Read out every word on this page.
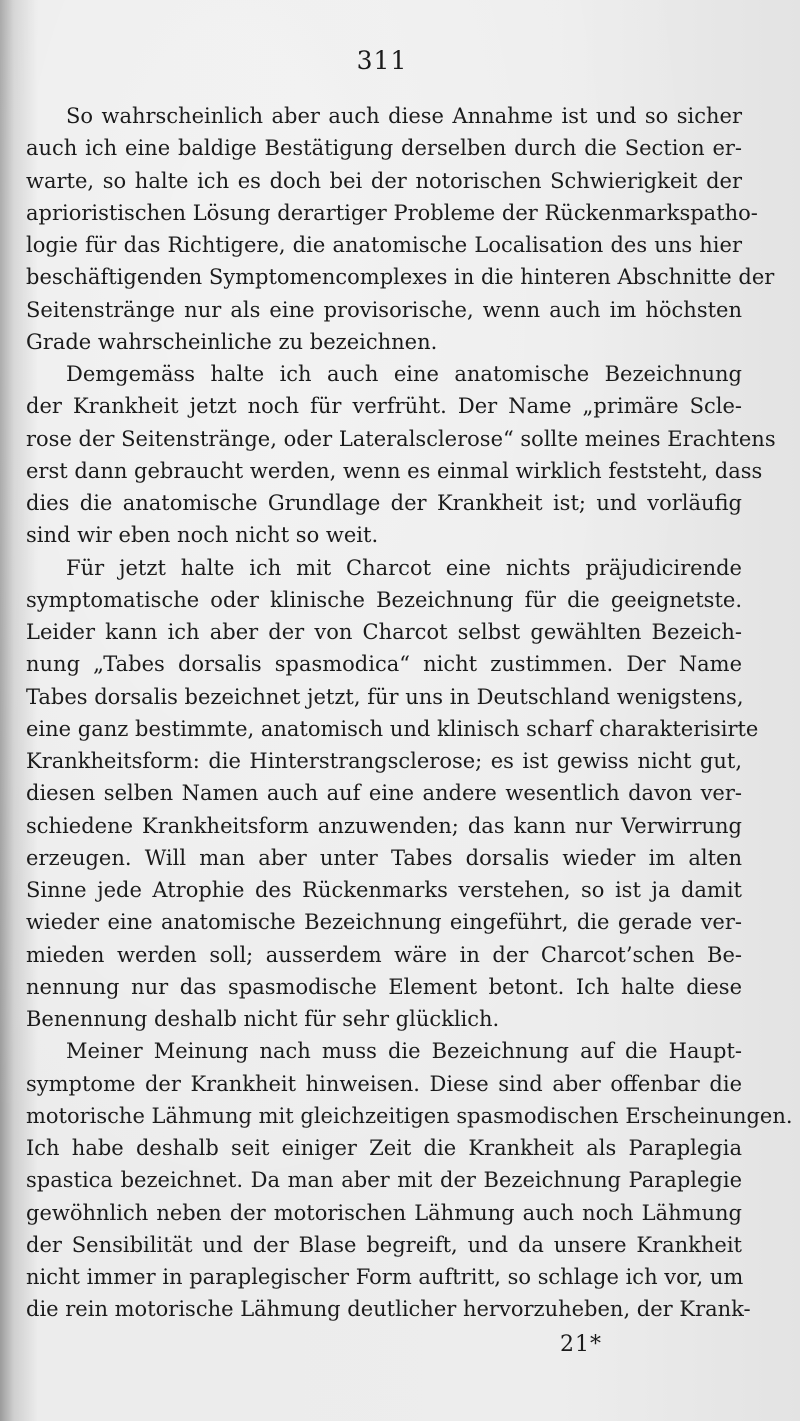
311
So wahrscheinlich aber auch diese Annahme ist und so sicher
auch ich eine baldige Bestätigung derselben durch die Section er-
warte, so halte ich es doch bei der notorischen Schwierigkeit der
aprioristischen Lösung derartiger Probleme der Rückenmarkspatho-
logie für das Richtigere, die anatomische Localisation des uns hier
beschäftigenden Symptomencomplexes in die hinteren Abschnitte der
Seitenstränge nur als eine provisorische, wenn auch im höchsten
Grade wahrscheinliche zu bezeichnen.
Demgemäss halte ich auch eine anatomische Bezeichnung
der Krankheit jetzt noch für verfrüht. Der Name „primäre Scle-
rose der Seitenstränge, oder Lateralsclerose“ sollte meines Erachtens
erst dann gebraucht werden, wenn es einmal wirklich feststeht, dass
dies die anatomische Grundlage der Krankheit ist; und vorläufig
sind wir eben noch nicht so weit.
Für jetzt halte ich mit Charcot eine nichts präjudicirende
symptomatische oder klinische Bezeichnung für die geeignetste.
Leider kann ich aber der von Charcot selbst gewählten Bezeich-
nung „Tabes dorsalis spasmodica“ nicht zustimmen. Der Name
Tabes dorsalis bezeichnet jetzt, für uns in Deutschland wenigstens,
eine ganz bestimmte, anatomisch und klinisch scharf charakterisirte
Krankheitsform: die Hinterstrangsclerose; es ist gewiss nicht gut,
diesen selben Namen auch auf eine andere wesentlich davon ver-
schiedene Krankheitsform anzuwenden; das kann nur Verwirrung
erzeugen. Will man aber unter Tabes dorsalis wieder im alten
Sinne jede Atrophie des Rückenmarks verstehen, so ist ja damit
wieder eine anatomische Bezeichnung eingeführt, die gerade ver-
mieden werden soll; ausserdem wäre in der Charcot’schen Be-
nennung nur das spasmodische Element betont. Ich halte diese
Benennung deshalb nicht für sehr glücklich.
Meiner Meinung nach muss die Bezeichnung auf die Haupt-
symptome der Krankheit hinweisen. Diese sind aber offenbar die
motorische Lähmung mit gleichzeitigen spasmodischen Erscheinungen.
Ich habe deshalb seit einiger Zeit die Krankheit als Paraplegia
spastica bezeichnet. Da man aber mit der Bezeichnung Paraplegie
gewöhnlich neben der motorischen Lähmung auch noch Lähmung
der Sensibilität und der Blase begreift, und da unsere Krankheit
nicht immer in paraplegischer Form auftritt, so schlage ich vor, um
die rein motorische Lähmung deutlicher hervorzuheben, der Krank-
21*
